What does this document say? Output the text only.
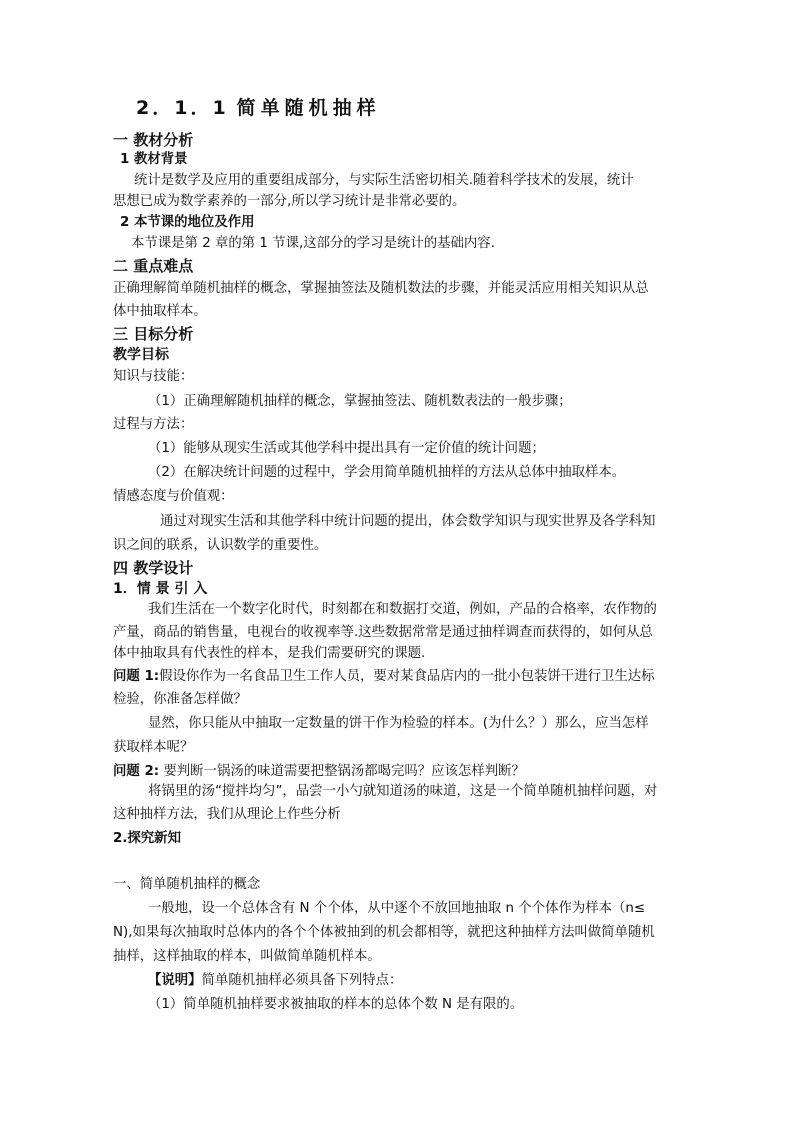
2．1．1 简单随机抽样
一 教材分析
1 教材背景
统计是数学及应用的重要组成部分，与实际生活密切相关.随着科学技术的发展，统计
思想已成为数学素养的一部分,所以学习统计是非常必要的。
2 本节课的地位及作用
本节课是第 2 章的第 1 节课,这部分的学习是统计的基础内容.
二 重点难点
正确理解简单随机抽样的概念，掌握抽签法及随机数法的步骤，并能灵活应用相关知识从总
体中抽取样本。
三 目标分析
教学目标
知识与技能：
（1）正确理解随机抽样的概念，掌握抽签法、随机数表法的一般步骤；
过程与方法：
（1）能够从现实生活或其他学科中提出具有一定价值的统计问题；
（2）在解决统计问题的过程中，学会用简单随机抽样的方法从总体中抽取样本。
情感态度与价值观：
通过对现实生活和其他学科中统计问题的提出，体会数学知识与现实世界及各学科知
识之间的联系，认识数学的重要性。
四 教学设计
1．情 景 引 入
我们生活在一个数字化时代，时刻都在和数据打交道，例如，产品的合格率，农作物的
产量，商品的销售量，电视台的收视率等.这些数据常常是通过抽样调查而获得的，如何从总
体中抽取具有代表性的样本，是我们需要研究的课题.
问题 1:假设你作为一名食品卫生工作人员，要对某食品店内的一批小包装饼干进行卫生达标
检验，你准备怎样做？
显然，你只能从中抽取一定数量的饼干作为检验的样本。(为什么？）那么，应当怎样
获取样本呢？
问题 2: 要判断一锅汤的味道需要把整锅汤都喝完吗？应该怎样判断？
将锅里的汤“搅拌均匀”，品尝一小勺就知道汤的味道，这是一个简单随机抽样问题，对
这种抽样方法，我们从理论上作些分析
2.探究新知
一、简单随机抽样的概念
一般地，设一个总体含有 N 个个体，从中逐个不放回地抽取 n 个个体作为样本（n≤
N),如果每次抽取时总体内的各个个体被抽到的机会都相等，就把这种抽样方法叫做简单随机
抽样，这样抽取的样本，叫做简单随机样本。
【说明】简单随机抽样必须具备下列特点：
（1）简单随机抽样要求被抽取的样本的总体个数 N 是有限的。
